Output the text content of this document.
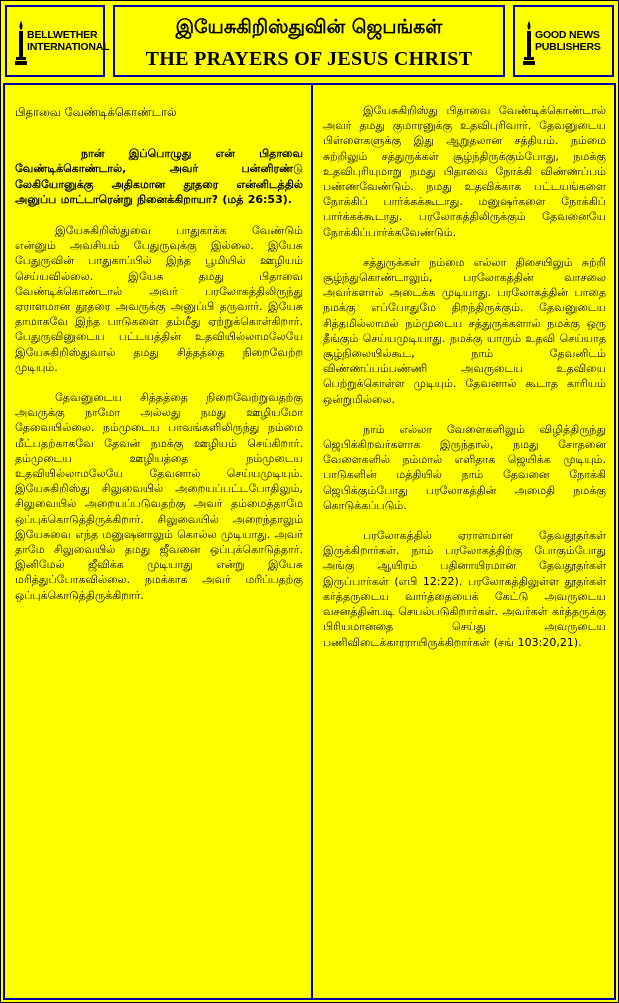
BELLWETHER
INTERNATIONAL
இயேசுகிறிஸ்துவின் ஜெபங்கள்
THE PRAYERS OF JESUS CHRIST
GOOD NEWS
PUBLISHERS
பிதாவை வேண்டிக்கொண்டால்

நான் இப்பொழுது என் பிதாவை வேண்டிக்கொண்டால், அவர் பன்னிரண்டு லேகியோனுக்கு அதிகமான தூதரை என்னிடத்தில் அனுப்ப மாட்டாரென்று நினைக்கிறாயா? (மத் 26:53).

இயேசுகிறிஸ்துவை பாதுகாக்க வேண்டும் என்னும் அவசியம் பேதுருவுக்கு இல்லை. இயேசு பேதுருவின் பாதுகாப்பில் இந்த பூமியில் ஊழியம் செய்யவில்லை. இயேசு தமது பிதாவை வேண்டிக்கொண்டால் அவர் பரலோகத்திலிருந்து ஏராளமான தூதரை அவருக்கு அனுப்பி தருவார். இயேசு தாமாகவே இந்த பாடுகளை தம்மீது ஏற்றுக்கொள்கிறார். பேதுருவினுடைய பட்டயத்தின் உதவியில்லாமலேயே இயேசுகிறிஸ்துவால் தமது சித்தத்தை நிறைவேற்ற முடியும்.

தேவனுடைய சித்தத்தை நிறைவேற்றுவதற்கு அவருக்கு நாமோ அல்லது நமது ஊழியமோ தேவையில்லை. நம்முடைய பாவங்களிலிருந்து நம்மை மீட்பதற்காகவே தேவன் நமக்கு ஊழியம் செய்கிறார். தம்முடைய ஊழியத்தை நம்முடைய உதவியில்லாமலேயே தேவனால் செய்யமுடியும். இயேசுகிறிஸ்து சிலுவையில் அறையப்பட்டபோதிலும், சிலுவையில் அறையப்படுவதற்கு அவர் தம்மைத்தாமே ஒப்புக்கொடுத்திருக்கிறார். சிலுவையில் அறைந்தாலும் இயேசுவை எந்த மனுஷனாலும் கொல்ல முடியாது. அவர் தாமே சிலுவையில் தமது ஜீவனை ஒப்புக்கொடுத்தார். இனிமேல் ஜீவிக்க முடியாது என்று இயேசு மரித்துப்போகவில்லை. நமக்காக அவர் மரிப்பதற்கு ஒப்புக்கொடுத்திருக்கிறார்.

இயேசுகிறிஸ்து பிதாவை வேண்டிக்கொண்டால் அவர் தமது குமாரனுக்கு உதவிபுரிவார். தேவனுடைய பிள்ளைகளுக்கு இது ஆறுதலான சத்தியம். நம்மை சுற்றிலும் சத்துருக்கள் சூழ்ந்திருக்கும்போது, நமக்கு உதவிபுரியுமாறு நமது பிதாவை நோக்கி விண்ணப்பம் பண்ணவேண்டும். நமது உதவிக்காக பட்டயங்களை நோக்கிப் பார்க்கக்கூடாது. மனுஷர்களை நோக்கிப் பார்க்கக்கூடாது. பரலோகத்திலிருக்கும் தேவனையே நோக்கிப்பார்க்கவேண்டும்.

சத்துருக்கள் நம்மை எல்லா திசையிலும் சுற்றி சூழ்ந்துகொண்டாலும், பரலோகத்தின் வாசலை அவர்களால் அடைக்க முடியாது. பரலோகத்தின் பாதை நமக்கு எப்போதுமே திறந்திருக்கும். தேவனுடைய சித்தமில்லாமல் நம்முடைய சத்துருக்களால் நமக்கு ஒரு தீங்கும் செய்யமுடியாது. நமக்கு யாரும் உதவி செய்யாத சூழ்நிலையில்கூட, நாம் தேவனிடம் விண்ணப்பம்பண்ணி அவருடைய உதவியை பெற்றுக்கொள்ள முடியும். தேவனால் கூடாத காரியம் ஒன்றுமில்லை.

நாம் எல்லா வேளைகளிலும் விழித்திருந்து ஜெபிக்கிறவர்களாக இருந்தால், நமது சோதனை வேளைகளில் நம்மால் எளிதாக ஜெயிக்க முடியும். பாடுகளின் மத்தியில் நாம் தேவனை நோக்கி ஜெபிக்கும்போது பரலோகத்தின் அமைதி நமக்கு கொடுக்கப்படும்.

பரலோகத்தில் ஏராளமான தேவதூதர்கள் இருக்கிறார்கள். நாம் பரலோகத்திற்கு போகும்போது அங்கு ஆயிரம் பதினாயிரமான தேவதூதர்கள் இருப்பார்கள் (எபி 12:22). பரலோகத்திலுள்ள தூதர்கள் கர்த்தருடைய வார்த்தையைக் கேட்டு அவருடைய வசனத்தின்படி செயல்படுகிறார்கள். அவர்கள் கர்த்தருக்கு பிரியமானதை செய்து அவருடைய பணிவிடைக்காரராயிருக்கிறார்கள் (சங் 103:20,21).
